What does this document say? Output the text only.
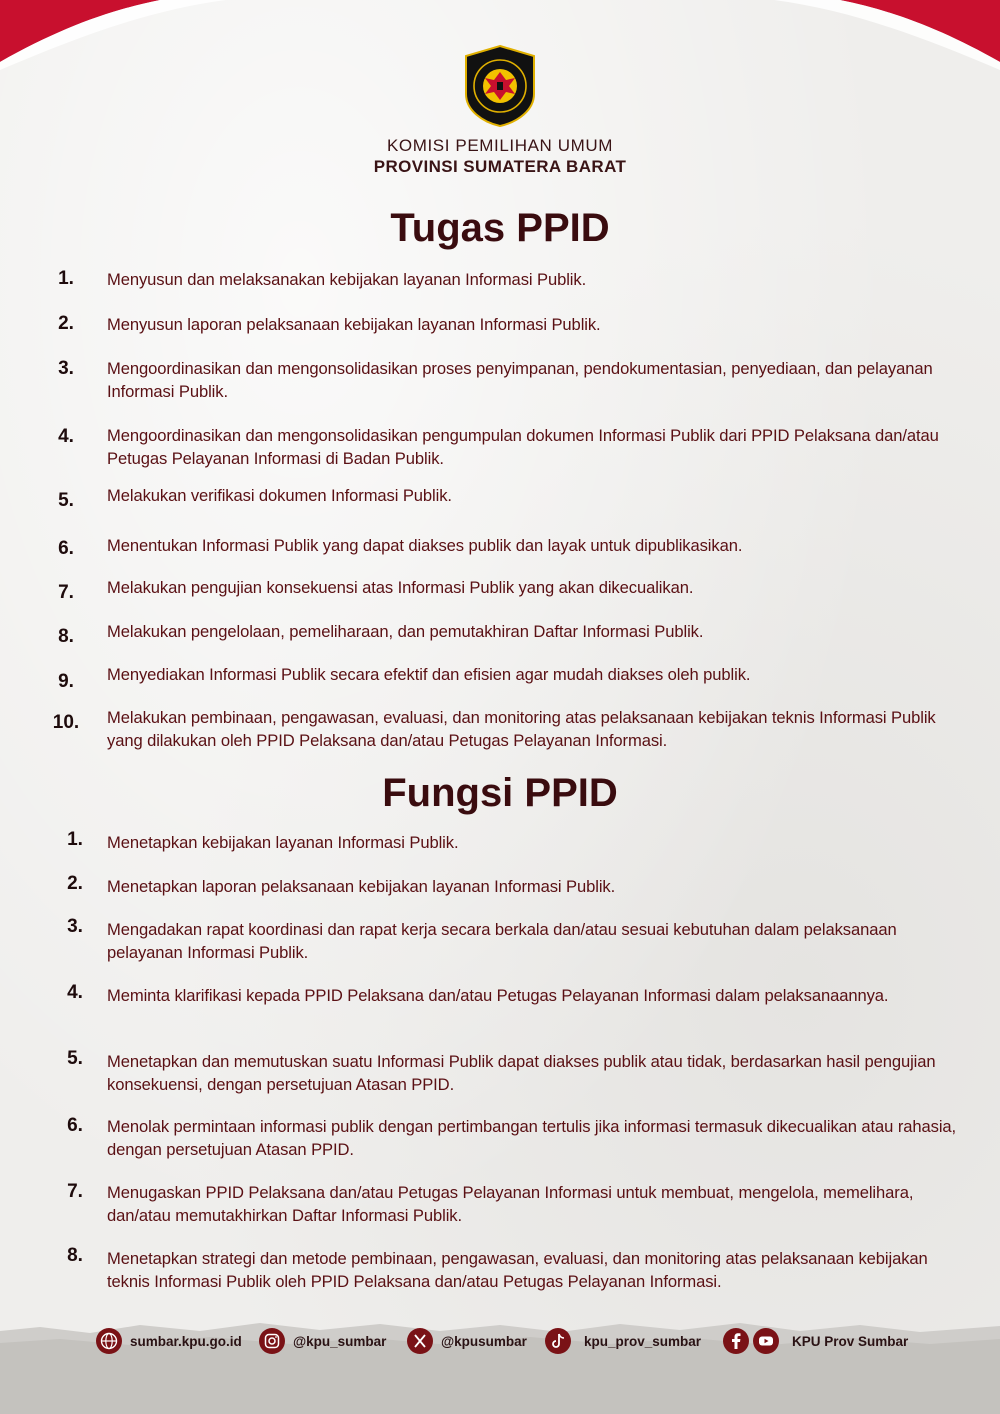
KOMISI PEMILIHAN UMUM
PROVINSI SUMATERA BARAT
Tugas PPID
1.	Menyusun dan melaksanakan kebijakan layanan Informasi Publik.
2.	Menyusun laporan pelaksanaan kebijakan layanan Informasi Publik.
3.	Mengoordinasikan dan mengonsolidasikan proses penyimpanan, pendokumentasian, penyediaan, dan pelayanan Informasi Publik.
4.	Mengoordinasikan dan mengonsolidasikan pengumpulan dokumen Informasi Publik dari PPID Pelaksana dan/atau Petugas Pelayanan Informasi di Badan Publik.
5.	Melakukan verifikasi dokumen Informasi Publik.
6.	Menentukan Informasi Publik yang dapat diakses publik dan layak untuk dipublikasikan.
7.	Melakukan pengujian konsekuensi atas Informasi Publik yang akan dikecualikan.
8.	Melakukan pengelolaan, pemeliharaan, dan pemutakhiran Daftar Informasi Publik.
9.	Menyediakan Informasi Publik secara efektif dan efisien agar mudah diakses oleh publik.
10.	Melakukan pembinaan, pengawasan, evaluasi, dan monitoring atas pelaksanaan kebijakan teknis Informasi Publik yang dilakukan oleh PPID Pelaksana dan/atau Petugas Pelayanan Informasi.
Fungsi PPID
1.	Menetapkan kebijakan layanan Informasi Publik.
2.	Menetapkan laporan pelaksanaan kebijakan layanan Informasi Publik.
3.	Mengadakan rapat koordinasi dan rapat kerja secara berkala dan/atau sesuai kebutuhan dalam pelaksanaan pelayanan Informasi Publik.
4.	Meminta klarifikasi kepada PPID Pelaksana dan/atau Petugas Pelayanan Informasi dalam pelaksanaannya.
5.	Menetapkan dan memutuskan suatu Informasi Publik dapat diakses publik atau tidak, berdasarkan hasil pengujian konsekuensi, dengan persetujuan Atasan PPID.
6.	Menolak permintaan informasi publik dengan pertimbangan tertulis jika informasi termasuk dikecualikan atau rahasia, dengan persetujuan Atasan PPID.
7.	Menugaskan PPID Pelaksana dan/atau Petugas Pelayanan Informasi untuk membuat, mengelola, memelihara, dan/atau memutakhirkan Daftar Informasi Publik.
8.	Menetapkan strategi dan metode pembinaan, pengawasan, evaluasi, dan monitoring atas pelaksanaan kebijakan teknis Informasi Publik oleh PPID Pelaksana dan/atau Petugas Pelayanan Informasi.
sumbar.kpu.go.id	@kpu_sumbar	@kpusumbar	kpu_prov_sumbar	KPU Prov Sumbar
